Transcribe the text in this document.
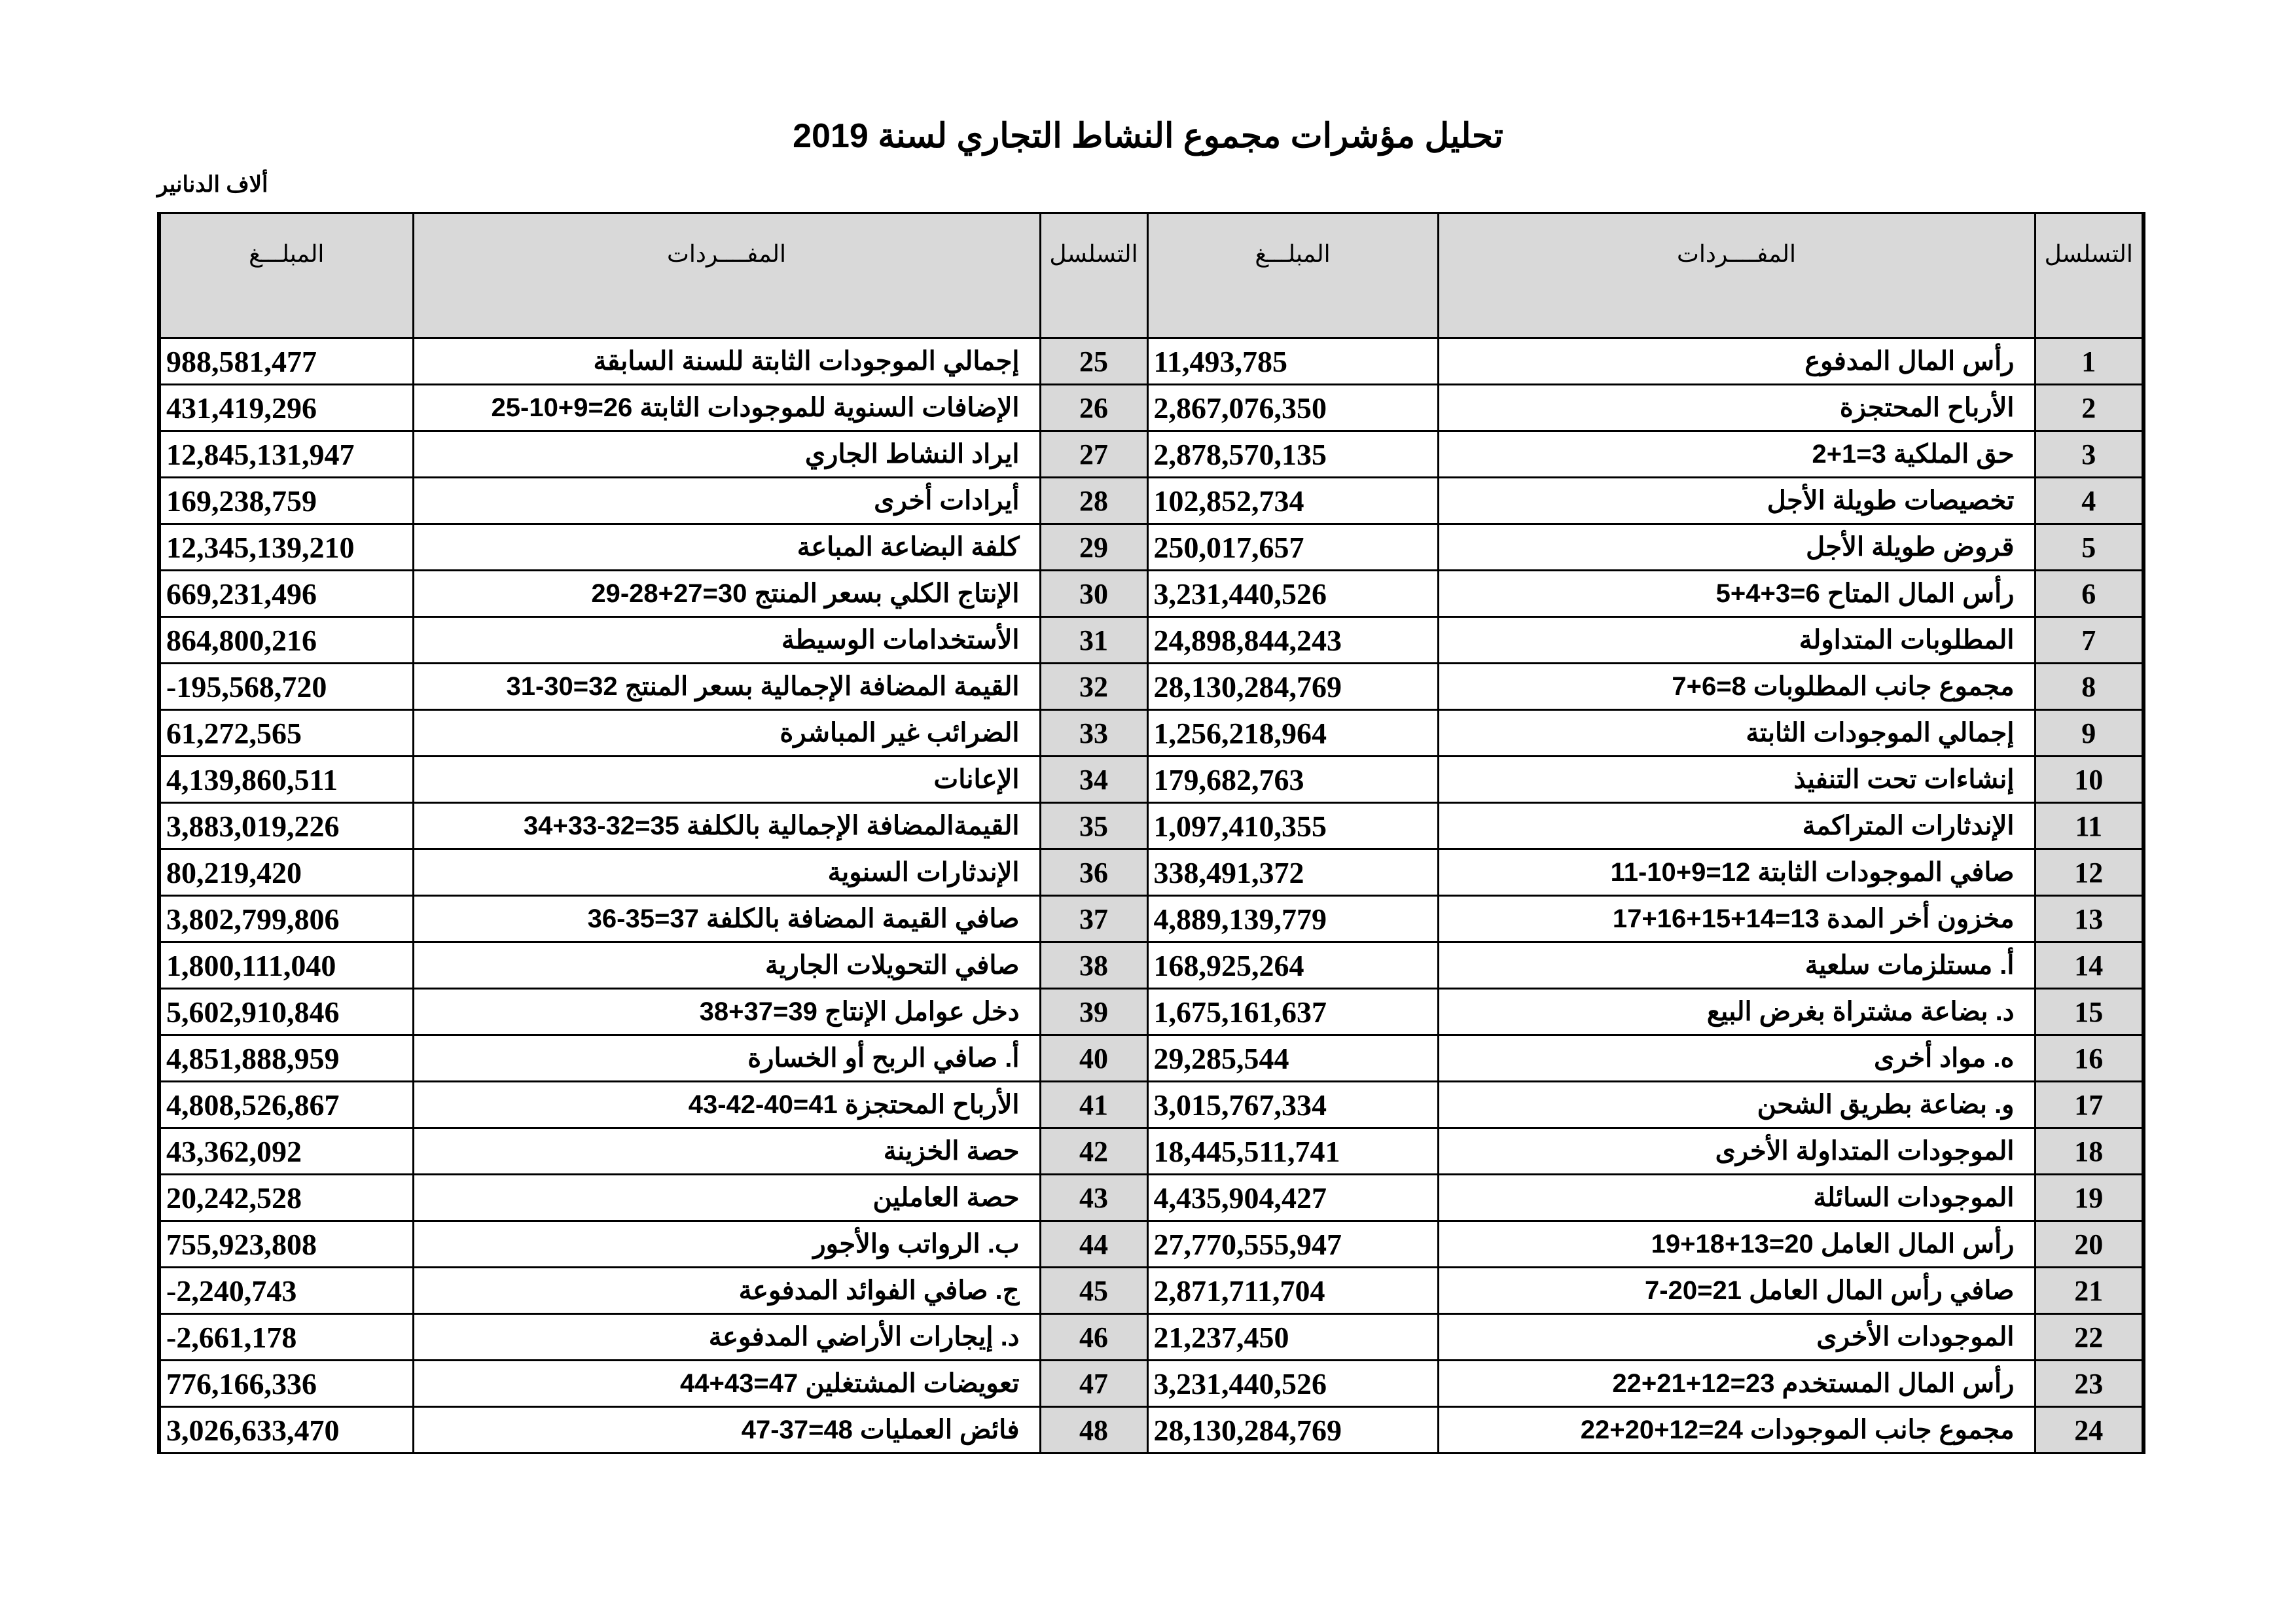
تحليل مؤشرات مجموع النشاط التجاري لسنة 2019
ألاف الدنانير
المبلـــغ	المفــــردات	التسلسل	المبلـــغ	المفــــردات	التسلسل
988,581,477	إجمالي الموجودات الثابتة للسنة السابقة	25	11,493,785	رأس المال المدفوع	1
431,419,296	الإضافات السنوية للموجودات الثابتة 26=9+10-25	26	2,867,076,350	الأرباح المحتجزة	2
12,845,131,947	ايراد النشاط الجاري	27	2,878,570,135	حق الملكية 3=1+2	3
169,238,759	أيرادات أخرى	28	102,852,734	تخصيصات طويلة الأجل	4
12,345,139,210	كلفة البضاعة المباعة	29	250,017,657	قروض طويلة الأجل	5
669,231,496	الإنتاج الكلي بسعر المنتج 30=27+28-29	30	3,231,440,526	رأس المال المتاح 6=3+4+5	6
864,800,216	الأستخدامات الوسيطة	31	24,898,844,243	المطلوبات المتداولة	7
-195,568,720	القيمة المضافة الإجمالية بسعر المنتج 32=30-31	32	28,130,284,769	مجموع جانب المطلوبات 8=6+7	8
61,272,565	الضرائب غير المباشرة	33	1,256,218,964	إجمالي الموجودات الثابتة	9
4,139,860,511	الإعانات	34	179,682,763	إنشاءات تحت التنفيذ	10
3,883,019,226	القيمةالمضافة الإجمالية بالكلفة 35=32-33+34	35	1,097,410,355	الإندثارات المتراكمة	11
80,219,420	الإندثارات السنوية	36	338,491,372	صافي الموجودات الثابتة 12=9+10-11	12
3,802,799,806	صافي القيمة المضافة بالكلفة 37=35-36	37	4,889,139,779	مخزون أخر المدة 13=14+15+16+17	13
1,800,111,040	صافي التحويلات الجارية	38	168,925,264	أ. مستلزمات سلعية	14
5,602,910,846	دخل عوامل الإنتاج 39=37+38	39	1,675,161,637	د. بضاعة مشتراة بغرض البيع	15
4,851,888,959	أ. صافي الربح أو الخسارة	40	29,285,544	ه. مواد أخرى	16
4,808,526,867	الأرباح المحتجزة 41=40-42-43	41	3,015,767,334	و. بضاعة بطريق الشحن	17
43,362,092	حصة الخزينة	42	18,445,511,741	الموجودات المتداولة الأخرى	18
20,242,528	حصة العاملين	43	4,435,904,427	الموجودات السائلة	19
755,923,808	ب. الرواتب والأجور	44	27,770,555,947	رأس المال العامل 20=13+18+19	20
-2,240,743	ج. صافي الفوائد المدفوعة	45	2,871,711,704	صافي رأس المال العامل 21=20-7	21
-2,661,178	د. إيجارات الأراضي المدفوعة	46	21,237,450	الموجودات الأخرى	22
776,166,336	تعويضات المشتغلين 47=43+44	47	3,231,440,526	رأس المال المستخدم 23=12+21+22	23
3,026,633,470	فائض العمليات 48=37-47	48	28,130,284,769	مجموع جانب الموجودات 24=12+20+22	24
